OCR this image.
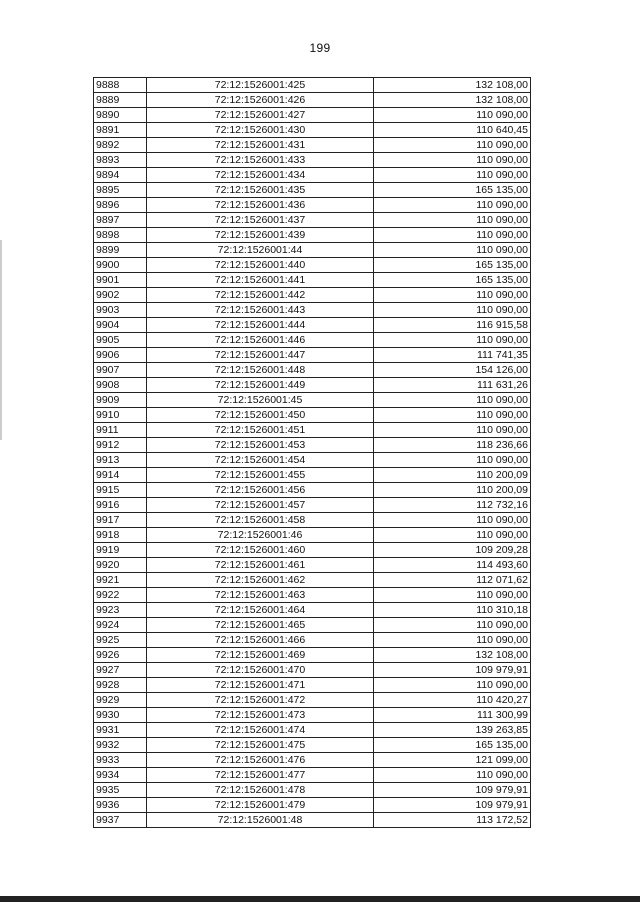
199
9888	72:12:1526001:425	132 108,00
9889	72:12:1526001:426	132 108,00
9890	72:12:1526001:427	110 090,00
9891	72:12:1526001:430	110 640,45
9892	72:12:1526001:431	110 090,00
9893	72:12:1526001:433	110 090,00
9894	72:12:1526001:434	110 090,00
9895	72:12:1526001:435	165 135,00
9896	72:12:1526001:436	110 090,00
9897	72:12:1526001:437	110 090,00
9898	72:12:1526001:439	110 090,00
9899	72:12:1526001:44	110 090,00
9900	72:12:1526001:440	165 135,00
9901	72:12:1526001:441	165 135,00
9902	72:12:1526001:442	110 090,00
9903	72:12:1526001:443	110 090,00
9904	72:12:1526001:444	116 915,58
9905	72:12:1526001:446	110 090,00
9906	72:12:1526001:447	111 741,35
9907	72:12:1526001:448	154 126,00
9908	72:12:1526001:449	111 631,26
9909	72:12:1526001:45	110 090,00
9910	72:12:1526001:450	110 090,00
9911	72:12:1526001:451	110 090,00
9912	72:12:1526001:453	118 236,66
9913	72:12:1526001:454	110 090,00
9914	72:12:1526001:455	110 200,09
9915	72:12:1526001:456	110 200,09
9916	72:12:1526001:457	112 732,16
9917	72:12:1526001:458	110 090,00
9918	72:12:1526001:46	110 090,00
9919	72:12:1526001:460	109 209,28
9920	72:12:1526001:461	114 493,60
9921	72:12:1526001:462	112 071,62
9922	72:12:1526001:463	110 090,00
9923	72:12:1526001:464	110 310,18
9924	72:12:1526001:465	110 090,00
9925	72:12:1526001:466	110 090,00
9926	72:12:1526001:469	132 108,00
9927	72:12:1526001:470	109 979,91
9928	72:12:1526001:471	110 090,00
9929	72:12:1526001:472	110 420,27
9930	72:12:1526001:473	111 300,99
9931	72:12:1526001:474	139 263,85
9932	72:12:1526001:475	165 135,00
9933	72:12:1526001:476	121 099,00
9934	72:12:1526001:477	110 090,00
9935	72:12:1526001:478	109 979,91
9936	72:12:1526001:479	109 979,91
9937	72:12:1526001:48	113 172,52
